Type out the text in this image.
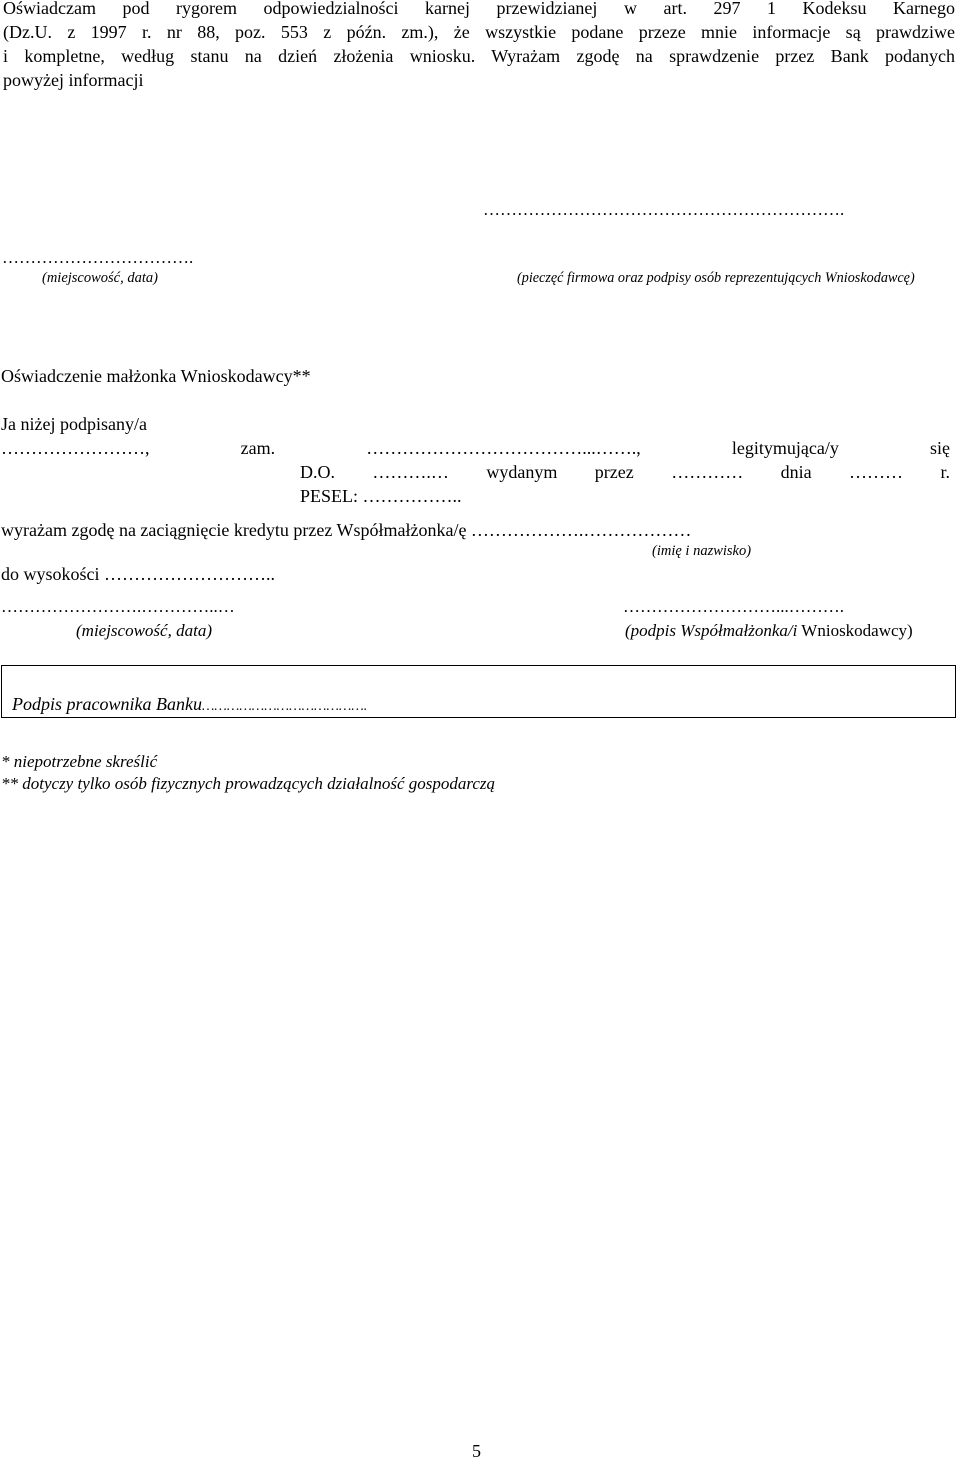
Oświadczam pod rygorem odpowiedzialności karnej przewidzianej w art. 297 1 Kodeksu Karnego
(Dz.U. z 1997 r. nr 88, poz. 553 z późn. zm.), że wszystkie podane przeze mnie informacje są prawdziwe
i kompletne, według stanu na dzień złożenia wniosku. Wyrażam zgodę na sprawdzenie przez Bank podanych
powyżej informacji
……………………………………………………….
…………………………….
(miejscowość, data)	(pieczęć firmowa oraz podpisy osób reprezentujących Wnioskodawcę)
Oświadczenie małżonka Wnioskodawcy**
Ja niżej podpisany/a
……………………, zam. ………………………………...……., legitymująca/y się
D.O. ……….… wydanym przez ………… dnia ……… r.
PESEL: ……………..
wyrażam zgodę na zaciągnięcie kredytu przez Współmałżonka/ę ……………….………………
(imię i nazwisko)
do wysokości ………………………..
…………………….…………..…	………………………...……….
(miejscowość, data)	(podpis Współmałżonka/i Wnioskodawcy)
Podpis pracownika Banku………………………………….
* niepotrzebne skreślić
** dotyczy tylko osób fizycznych prowadzących działalność gospodarczą
5
